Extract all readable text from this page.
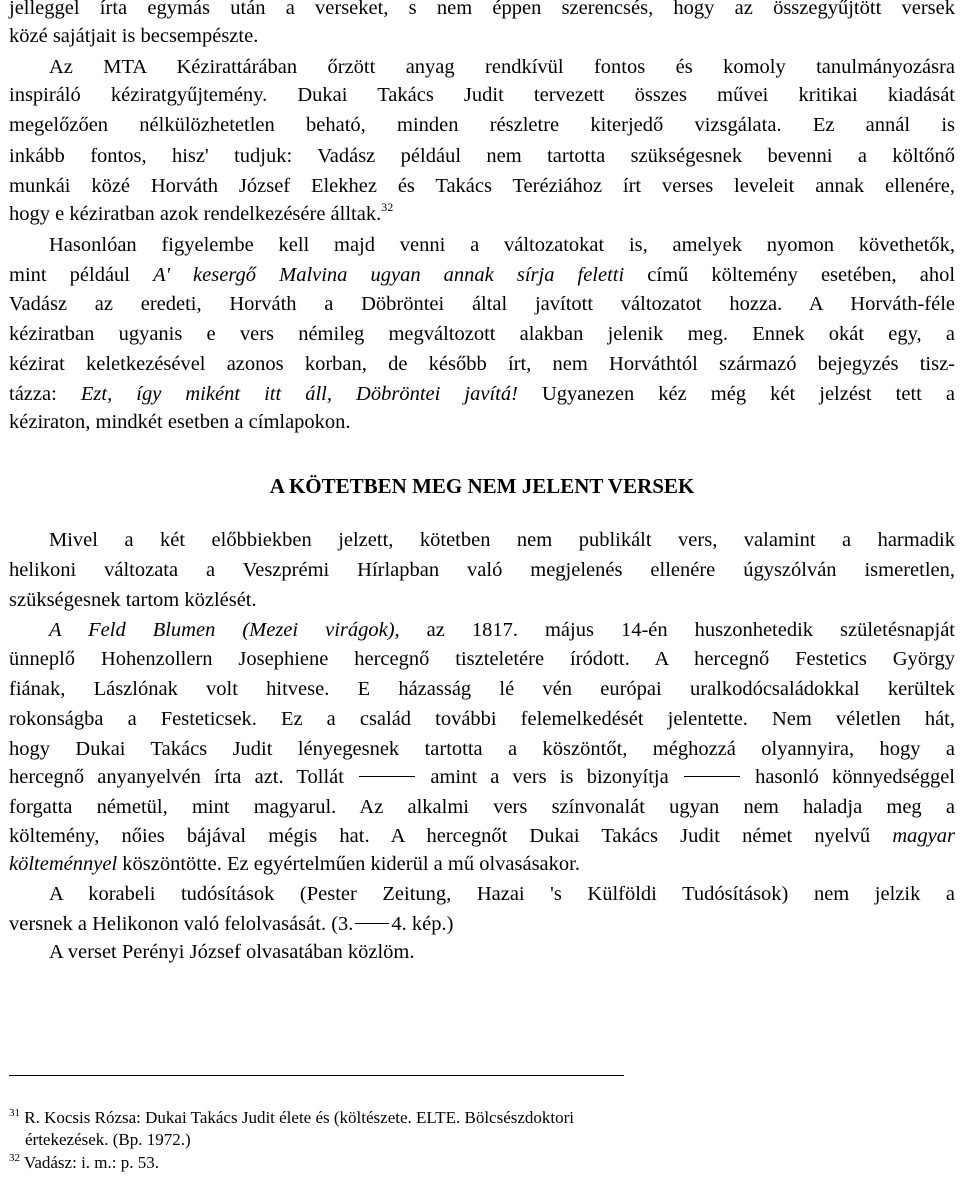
jelleggel írta egymás után a verseket, s nem éppen szerencsés, hogy az összegyűjtött versek
közé sajátjait is becsempészte.
Az MTA Kézirattárában őrzött anyag rendkívül fontos és komoly tanulmányozásra
inspiráló kéziratgyűjtemény. Dukai Takács Judit tervezett összes művei kritikai kiadását
megelőzően nélkülözhetetlen beható, minden részletre kiterjedő vizsgálata. Ez annál is
inkább fontos, hisz' tudjuk: Vadász például nem tartotta szükségesnek bevenni a költőnő
munkái közé Horváth József Elekhez és Takács Teréziához írt verses leveleit annak ellenére,
hogy e kéziratban azok rendelkezésére álltak.$^{32}$
Hasonlóan figyelembe kell majd venni a változatokat is, amelyek nyomon követhetők,
mint például A' kesergő Malvina ugyan annak sírja feletti című költemény esetében, ahol
Vadász az eredeti, Horváth a Döbröntei által javított változatot hozza. A Horváth-féle
kéziratban ugyanis e vers némileg megváltozott alakban jelenik meg. Ennek okát egy, a
kézirat keletkezésével azonos korban, de később írt, nem Horváthtól származó bejegyzés tisz-
tázza: Ezt, így miként itt áll, Döbröntei javítá! Ugyanezen kéz még két jelzést tett a
kéziraton, mindkét esetben a címlapokon.
A KÖTETBEN MEG NEM JELENT VERSEK
Mivel a két előbbiekben jelzett, kötetben nem publikált vers, valamint a harmadik
helikoni változata a Veszprémi Hírlapban való megjelenés ellenére úgyszólván ismeretlen,
szükségesnek tartom közlését.
A Feld Blumen (Mezei virágok), az 1817. május 14-én huszonhetedik születésnapját
ünneplő Hohenzollern Josephiene hercegnő tiszteletére íródott. A hercegnő Festetics György
fiának, Lászlónak volt hitvese. E házasság lé vén európai uralkodócsaládokkal kerültek
rokonságba a Festeticsek. Ez a család további felemelkedését jelentette. Nem véletlen hát,
hogy Dukai Takács Judit lényegesnek tartotta a köszöntőt, méghozzá olyannyira, hogy a
hercegnő anyanyelvén írta azt. Tollát	amint a vers is bizonyítja	hasonló könnyedséggel
forgatta németül, mint magyarul. Az alkalmi vers színvonalát ugyan nem haladja meg a
költemény, nőies bájával mégis hat. A hercegnőt Dukai Takács Judit német nyelvű magyar
költeménnyel köszöntötte. Ez egyértelműen kiderül a mű olvasásakor.
A korabeli tudósítások (Pester Zeitung, Hazai 's Külföldi Tudósítások) nem jelzik a
versnek a Helikonon való felolvasását. (3. 4. kép.)
A verset Perényi József olvasatában közlöm.
$^{31}$ R. Kocsis Rózsa: Dukai Takács Judit élete és (költészete. ELTE. Bölcsészdoktori
értekezések. (Bp. 1972.)
$^{32}$ Vadász: i. m.: p. 53.
